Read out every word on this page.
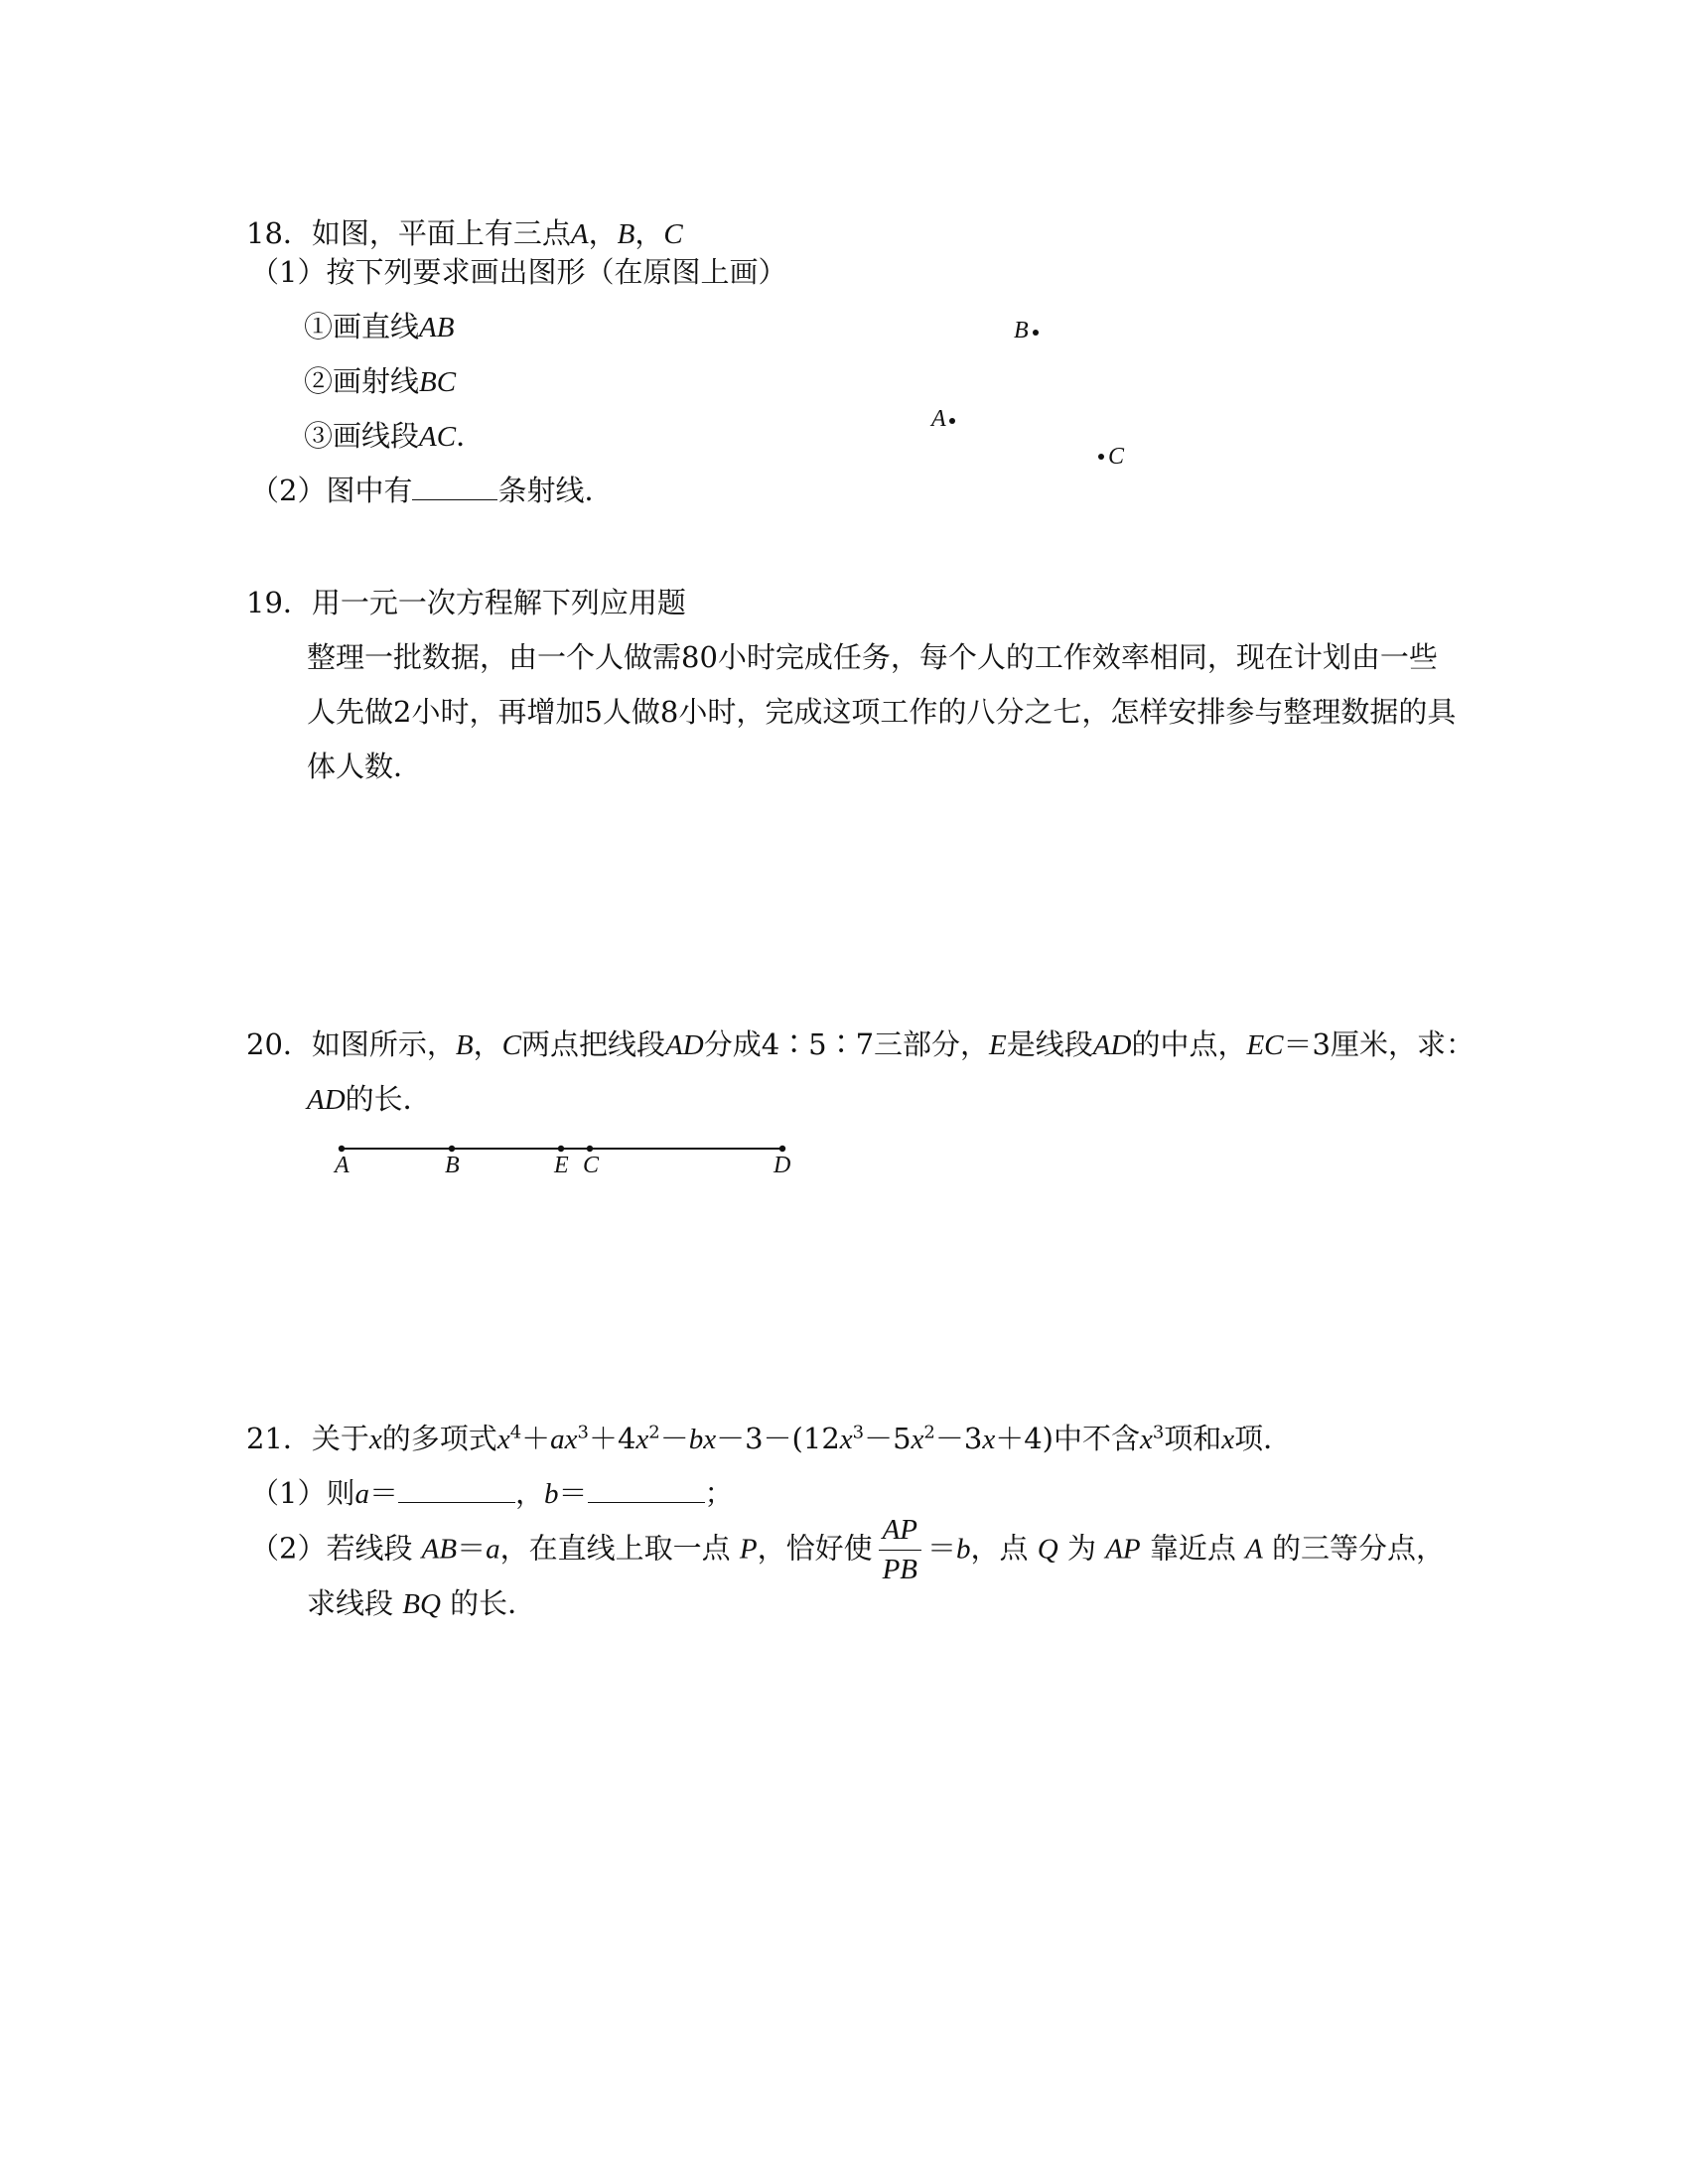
18．如图，平面上有三点A，B，C
（1）按下列要求画出图形（在原图上画）
①画直线AB
②画射线BC
③画线段AC．
（2）图中有	条射线．
B
A
C
19．用一元一次方程解下列应用题
整理一批数据，由一个人做需80小时完成任务，每个人的工作效率相同，现在计划由一些
人先做2小时，再增加5人做8小时，完成这项工作的八分之七，怎样安排参与整理数据的具
体人数．
20．如图所示，B，C两点把线段AD分成4∶5∶7三部分，E是线段AD的中点，EC＝3厘米，求：
AD的长．
A	B	E C	D
21．关于x的多项式$x^4+ax^3+4x^2-bx-3-(12x^3-5x^2-3x+4)$中不含$x^3$项和x项．
（1）则a＝	，b＝	；
（2）若线段 AB＝a，在直线上取一点 P，恰好使 $\frac{AP}{PB} =b$，点 Q 为 AP 靠近点 A 的三等分点，
求线段 BQ 的长．
